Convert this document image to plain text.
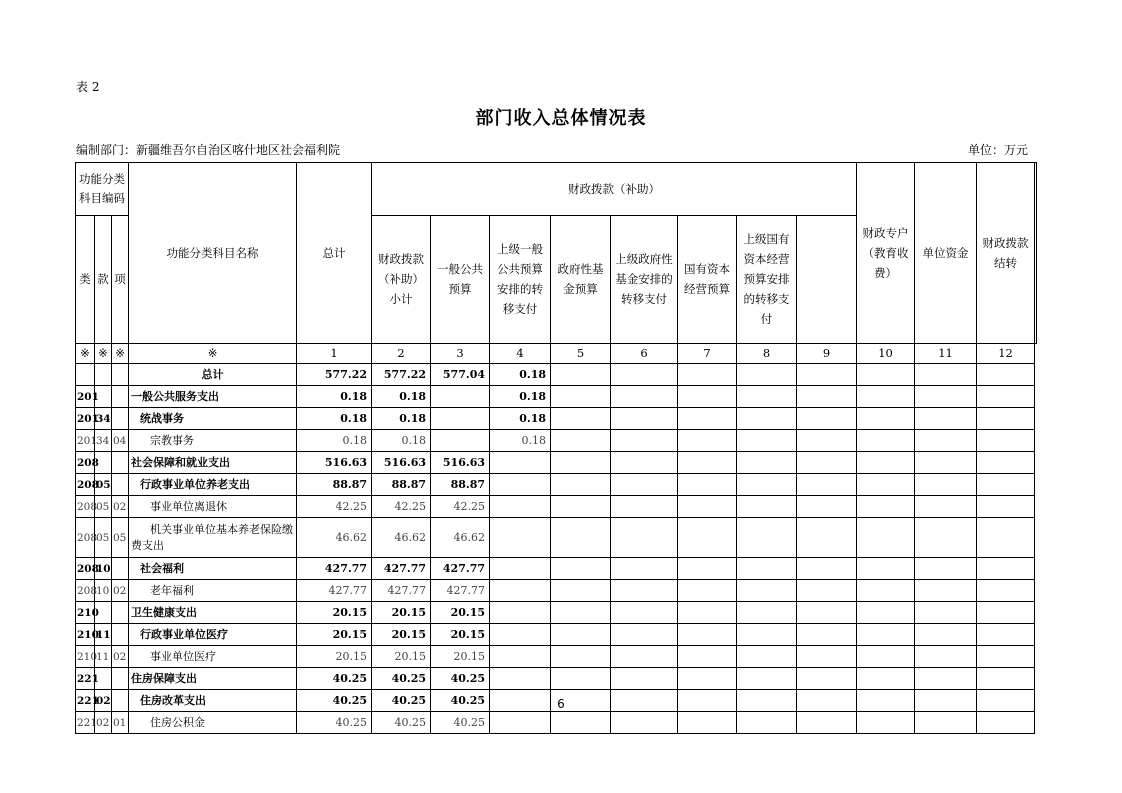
表 2
部门收入总体情况表
编制部门：新疆维吾尔自治区喀什地区社会福利院	单位：万元
功能分类科目编码			功能分类科目名称	总计	财政拨款（补助）								财政专户（教育收费）	单位资金	财政拨款结转	
类	款	项			财政拨款（补助）小计	一般公共预算	上级一般公共预算安排的转移支付	政府性基金预算	上级政府性基金安排的转移支付	国有资本经营预算	上级国有资本经营预算安排的转移支付					
※	※	※	※	1	2	3	4	5	6	7	8	9	10	11	12	
			总计	577.22	577.22	577.04	0.18									
201			一般公共服务支出	0.18	0.18		0.18									
201	34		统战事务	0.18	0.18		0.18									
201	34	04	宗教事务	0.18	0.18		0.18									
208			社会保障和就业支出	516.63	516.63	516.63										
208	05		行政事业单位养老支出	88.87	88.87	88.87										
208	05	02	事业单位离退休	42.25	42.25	42.25										
208	05	05	机关事业单位基本养老保险缴费支出	46.62	46.62	46.62										
208	10		社会福利	427.77	427.77	427.77										
208	10	02	老年福利	427.77	427.77	427.77										
210			卫生健康支出	20.15	20.15	20.15										
210	11		行政事业单位医疗	20.15	20.15	20.15										
210	11	02	事业单位医疗	20.15	20.15	20.15										
221			住房保障支出	40.25	40.25	40.25										
221	02		住房改革支出	40.25	40.25	40.25										
221	02	01	住房公积金	40.25	40.25	40.25										
6
